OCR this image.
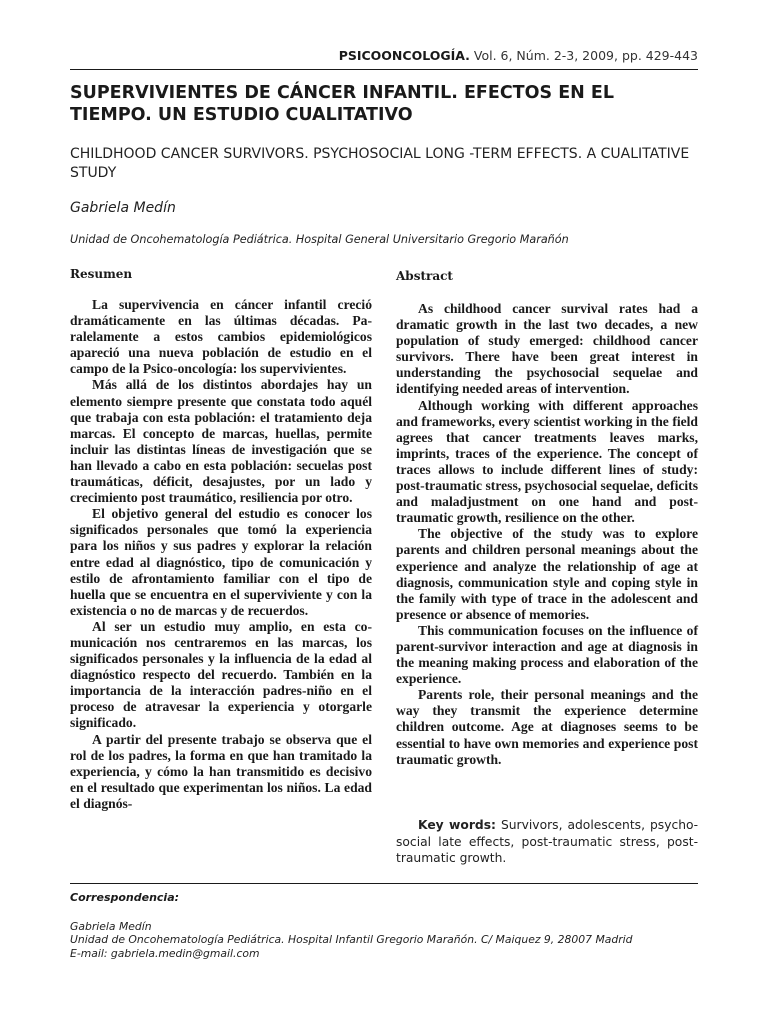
PSICOONCOLOGÍA. Vol. 6, Núm. 2-3, 2009, pp. 429-443
SUPERVIVIENTES DE CÁNCER INFANTIL. EFECTOS EN EL TIEMPO. UN ESTUDIO CUALITATIVO
CHILDHOOD CANCER SURVIVORS. PSYCHOSOCIAL LONG -TERM EFFECTS. A CUALITATIVE STUDY
Gabriela Medín
Unidad de Oncohematología Pediátrica. Hospital General Universitario Gregorio Marañón
Resumen	Abstract

La supervivencia en cáncer infantil creció dramáticamente en las últimas décadas. Paralelamente a estos cambios epidemiológicos apareció una nueva población de estudio en el campo de la Psico-oncología: los supervivientes.

Más allá de los distintos abordajes hay un elemento siempre presente que constata todo aquél que trabaja con esta población: el tratamiento deja marcas. El concepto de marcas, huellas, permite incluir las distintas líneas de investigación que se han llevado a cabo en esta población: secuelas post traumáticas, déficit, desajustes, por un lado y crecimiento post traumático, resiliencia por otro.

El objetivo general del estudio es conocer los significados personales que tomó la experiencia para los niños y sus padres y explorar la relación entre edad al diagnóstico, tipo de comunicación y estilo de afrontamiento familiar con el tipo de huella que se encuentra en el superviviente y con la existencia o no de marcas y de recuerdos.

Al ser un estudio muy amplio, en esta comunicación nos centraremos en las marcas, los significados personales y la influencia de la edad al diagnóstico respecto del recuerdo. También en la importancia de la interacción padres-niño en el proceso de atravesar la experiencia y otorgarle significado.

A partir del presente trabajo se observa que el rol de los padres, la forma en que han tramitado la experiencia, y cómo la han transmitido es decisivo en el resultado que experimentan los niños. La edad el diagnós-

As childhood cancer survival rates had a dramatic growth in the last two decades, a new population of study emerged: childhood cancer survivors. There have been great interest in understanding the psychosocial sequelae and identifying needed areas of intervention.

Although working with different approaches and frameworks, every scientist working in the field agrees that cancer treatments leaves marks, imprints, traces of the experience. The concept of traces allows to include different lines of study: post-traumatic stress, psychosocial sequelae, deficits and maladjustment on one hand and post-traumatic growth, resilience on the other.

The objective of the study was to explore parents and children personal meanings about the experience and analyze the relationship of age at diagnosis, communication style and coping style in the family with type of trace in the adolescent and presence or absence of memories.

This communication focuses on the influence of parent-survivor interaction and age at diagnosis in the meaning making process and elaboration of the experience.

Parents role, their personal meanings and the way they transmit the experience determine children outcome. Age at diagnoses seems to be essential to have own memories and experience post traumatic growth.

Key words: Survivors, adolescents, psychosocial late effects, post-traumatic stress, posttraumatic growth.

Correspondencia:
Gabriela Medín
Unidad de Oncohematología Pediátrica. Hospital Infantil Gregorio Marañón. C/ Maiquez 9, 28007 Madrid
E-mail: gabriela.medin@gmail.com
